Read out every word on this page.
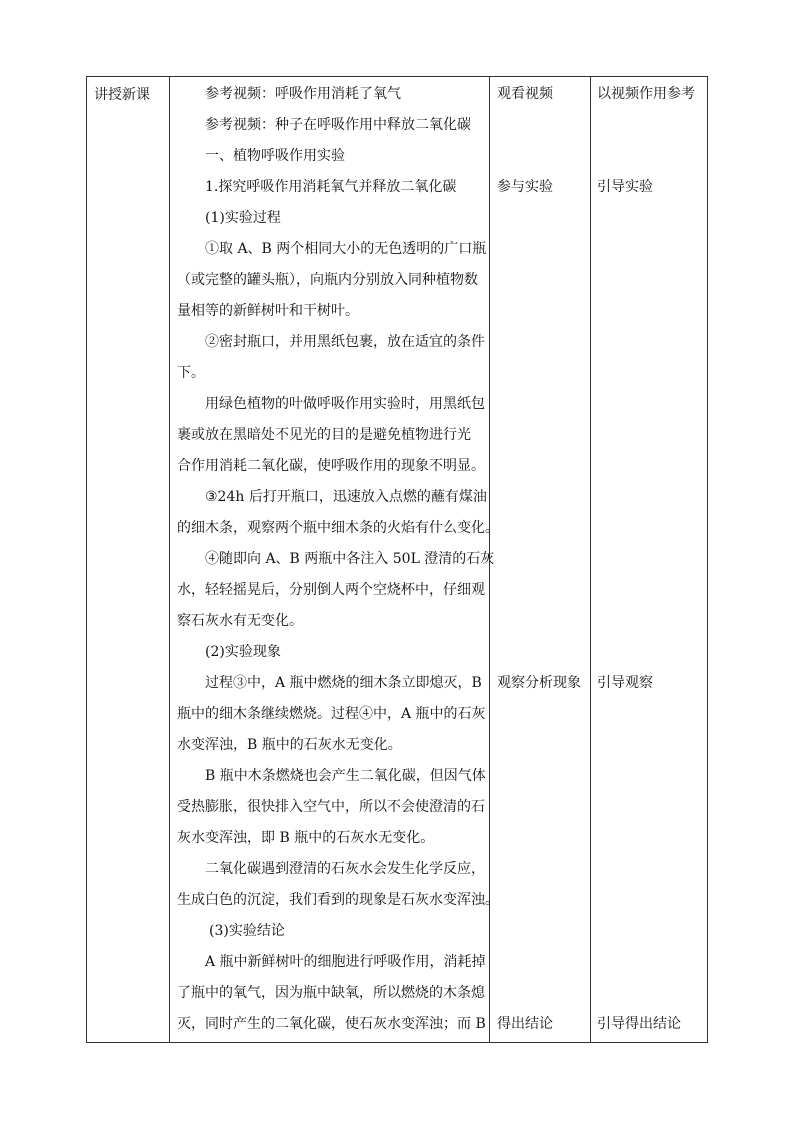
讲授新课	参考视频：呼吸作用消耗了氧气
参考视频：种子在呼吸作用中释放二氧化碳
一、植物呼吸作用实验
1.探究呼吸作用消耗氧气并释放二氧化碳
(1)实验过程
①取 A、B 两个相同大小的无色透明的广口瓶
（或完整的罐头瓶），向瓶内分别放入同种植物数
量相等的新鲜树叶和干树叶。
②密封瓶口，并用黑纸包裹，放在适宜的条件
下。
用绿色植物的叶做呼吸作用实验时，用黑纸包
裹或放在黑暗处不见光的目的是避免植物进行光
合作用消耗二氧化碳，使呼吸作用的现象不明显。
③24h 后打开瓶口，迅速放入点燃的蘸有煤油
的细木条，观察两个瓶中细木条的火焰有什么变化。
④随即向 A、B 两瓶中各注入 50L 澄清的石灰
水，轻轻摇晃后，分别倒人两个空烧杯中，仔细观
察石灰水有无变化。
(2)实验现象
过程③中，A 瓶中燃烧的细木条立即熄灭，B
瓶中的细木条继续燃烧。过程④中，A 瓶中的石灰
水变浑浊，B 瓶中的石灰水无变化。
B 瓶中木条燃烧也会产生二氧化碳，但因气体
受热膨胀，很快排入空气中，所以不会使澄清的石
灰水变浑浊，即 B 瓶中的石灰水无变化。
二氧化碳遇到澄清的石灰水会发生化学反应，
生成白色的沉淀，我们看到的现象是石灰水变浑浊。
(3)实验结论
A 瓶中新鲜树叶的细胞进行呼吸作用，消耗掉
了瓶中的氧气，因为瓶中缺氧，所以燃烧的木条熄
灭，同时产生的二氧化碳，使石灰水变浑浊；而 B
观看视频
参与实验
观察分析现象
得出结论
以视频作用参考
引导实验
引导观察
引导得出结论
